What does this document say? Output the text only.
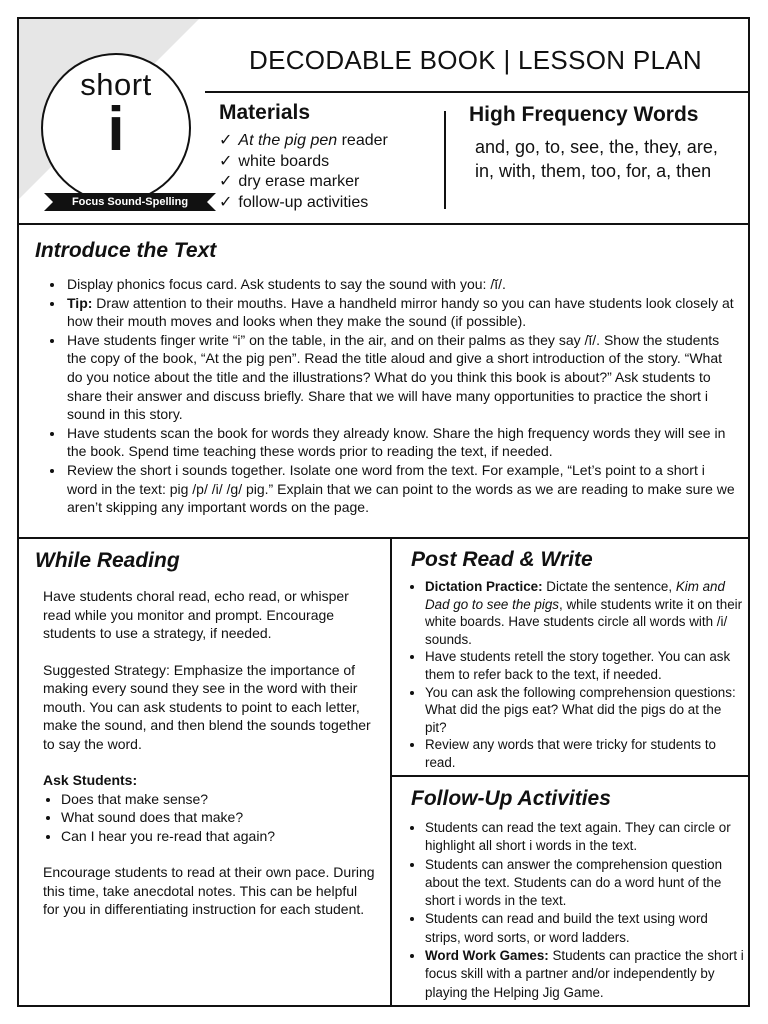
short
i
Focus Sound-Spelling
DECODABLE BOOK | LESSON PLAN
Materials
✓ At the pig pen reader
✓ white boards
✓ dry erase marker
✓ follow-up activities
High Frequency Words

and, go, to, see, the, they, are, in, with, them, too, for, a, then

Introduce the Text
• Display phonics focus card. Ask students to say the sound with you: /ĭ/.
• Tip: Draw attention to their mouths. Have a handheld mirror handy so you can have students look closely at how their mouth moves and looks when they make the sound (if possible).
• Have students finger write “i” on the table, in the air, and on their palms as they say /ĭ/. Show the students the copy of the book, “At the pig pen”. Read the title aloud and give a short introduction of the story. “What do you notice about the title and the illustrations? What do you think this book is about?” Ask students to share their answer and discuss briefly. Share that we will have many opportunities to practice the short i sound in this story.
• Have students scan the book for words they already know. Share the high frequency words they will see in the book. Spend time teaching these words prior to reading the text, if needed.
• Review the short i sounds together. Isolate one word from the text. For example, “Let’s point to a short i word in the text: pig /p/ /i/ /g/ pig.” Explain that we can point to the words as we are reading to make sure we aren’t skipping any important words on the page.
While Reading

Have students choral read, echo read, or whisper read while you monitor and prompt. Encourage students to use a strategy, if needed.

Suggested Strategy: Emphasize the importance of making every sound they see in the word with their mouth. You can ask students to point to each letter, make the sound, and then blend the sounds together to say the word.

Ask Students:

• Does that make sense?
• What sound does that make?
• Can I hear you re-read that again?

Encourage students to read at their own pace. During this time, take anecdotal notes. This can be helpful for you in differentiating instruction for each student.

Post Read & Write
• Dictation Practice: Dictate the sentence, Kim and Dad go to see the pigs, while students write it on their white boards. Have students circle all words with /i/ sounds.
• Have students retell the story together. You can ask them to refer back to the text, if needed.
• You can ask the following comprehension questions: What did the pigs eat? What did the pigs do at the pit?
• Review any words that were tricky for students to read.
Follow-Up Activities
• Students can read the text again. They can circle or highlight all short i words in the text.
• Students can answer the comprehension question about the text. Students can do a word hunt of the short i words in the text.
• Students can read and build the text using word strips, word sorts, or word ladders.
• Word Work Games: Students can practice the short i focus skill with a partner and/or independently by playing the Helping Jig Game.
